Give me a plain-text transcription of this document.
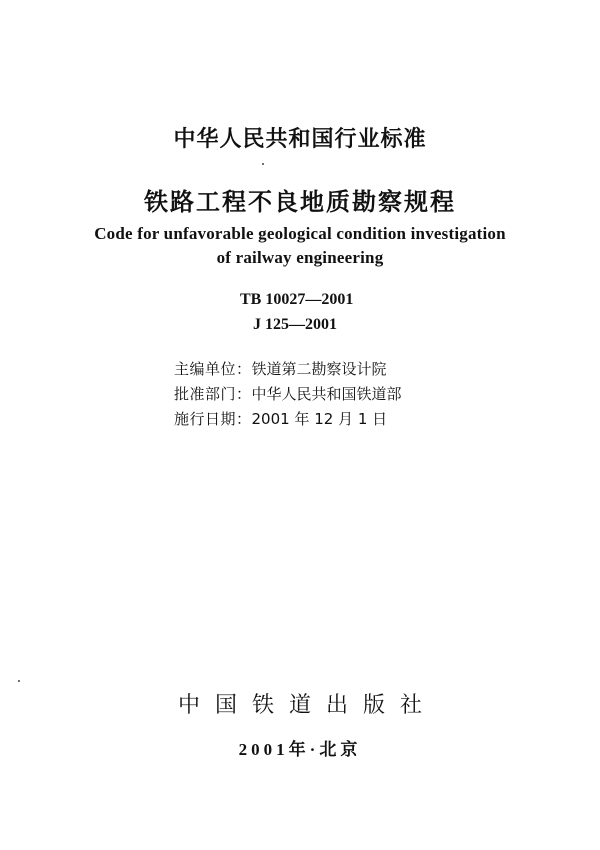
中华人民共和国行业标准
铁路工程不良地质勘察规程
Code for unfavorable geological condition investigation
of railway engineering
TB 10027—2001
J 125—2001
主编单位：铁道第二勘察设计院
批准部门：中华人民共和国铁道部
施行日期：2001 年 12 月 1 日
中国铁道出版社
2001年·北京
